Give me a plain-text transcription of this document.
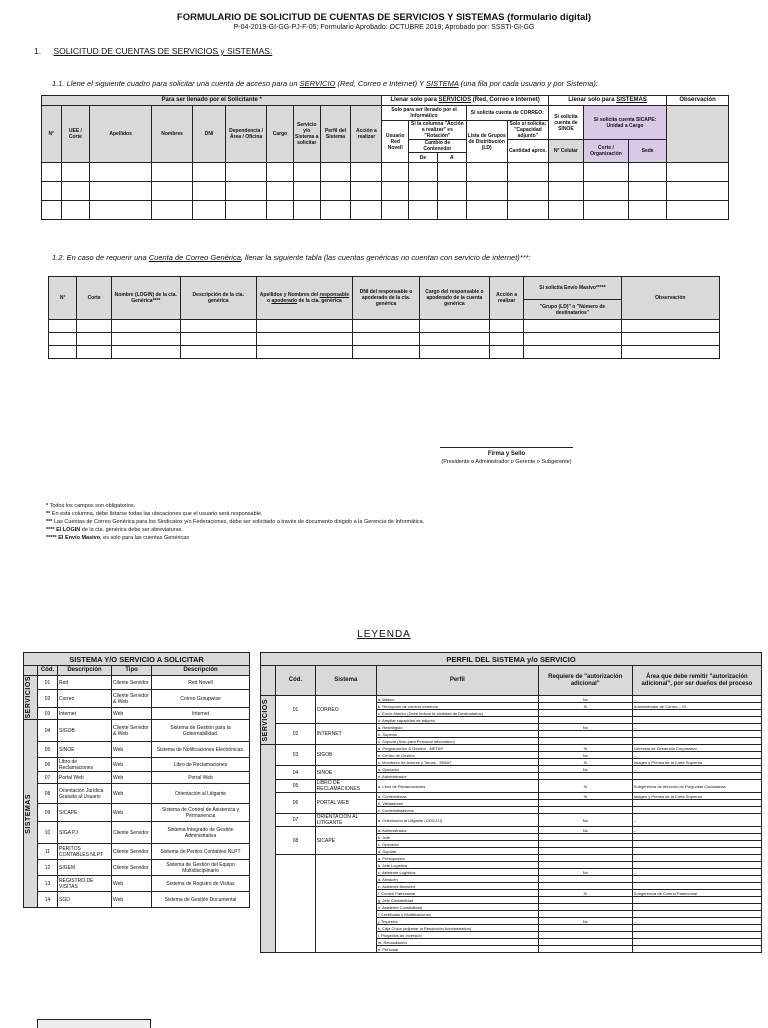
FORMULARIO DE SOLICITUD DE CUENTAS DE SERVICIOS Y SISTEMAS (formulario digital)
P-04-2019-GI-GG-PJ-F-05; Formulario Aprobado: OCTUBRE 2019; Aprobado por: SSSTI-GI-GG
1. SOLICITUD DE CUENTAS DE SERVICIOS y SISTEMAS:
1.1. Llene el siguiente cuadro para solicitar una cuenta de acceso para un SERVICIO (Red, Correo e Internet) Y SISTEMA (una fila por cada usuario y por Sistema):
Para ser llenado por el Solicitante *										Llenar solo para SERVICIOS (Red, Correo e Internet)					Llenar solo para SISTEMAS			Observación
N°	UEE / Corte	Apellidos	Nombres	DNI	Dependencia / Área / Oficina	Cargo	Servicio y/o Sistema a solicitar	Perfil del Sistema	Acción a realizar	Solo para ser llenado por el Informático			Si solicita cuenta de CORREO:		Si solicita cuenta de SINOE	Si solicita cuenta SICAPE: Unidad a Cargo		
										Usuario Red Novell	Si la columna "Acción a realizar" es "Rotación"		Lista de Grupos de Distribución (LD)	Solo si solicita: "Capacidad adjunto"				
											Cambio de Contenedor			Cantidad aprox.	N° Celular	Corte / Organización	Sede	
											De	A						

1.2. En caso de requerir una Cuenta de Correo Genérica, llenar la siguiente tabla (las cuentas genéricas no cuentan con servicio de internet)***:
N°	Corte	Nombre (LOGIN) de la cta. Genérica****	Descripción de la cta. genérica	Apellidos y Nombres del responsable o apoderado de la cta. genérica	DNI del responsable o apoderado de la cta. genérica	Cargo del responsable o apoderado de la cuenta genérica	Acción a realizar	Si solicita Envío Masivo*****	Observación
								"Grupo (LD)" o "Número de destinatarios"	

Firma y Sello
(Presidente o Administrador o Gerente o Subgerente)
* Todos los campos son obligatorios.
** En esta columna, debe listarse todas las ubicaciones que el usuario será responsable.
*** Las Cuentas de Correo Genérica para los Sindicatos y/o Federaciones, debe ser solicitado a través de documento dirigido a la Gerencia de Informática.
**** El LOGIN de la cta. genérica debe ser abreviaturas.
***** El Envío Masivo, es solo para las cuentas Genéricas
LEYENDA
SISTEMA Y/O SERVICIO A SOLICITAR				
	Cód.	Descripción	Tipo	Descripción

SERVICIOS	01	Red	Cliente Servidor	Red Novell
	02	Correo	Cliente Servidor & Web	Correo Groupwise
	03	Internet	Web	Internet

SISTEMAS	04	SIGOB	Cliente Servidor & Web	Sistema de Gestión para la Gobernabilidad.
	05	SINOE	Web	Sistema de Notificaciones Electrónicas.
	06	Libro de Reclamaciones	Web	Libro de Reclamaciones
	07	Portal Web	Web	Portal Web
	08	Orientación Jurídica Gratuita al Usuario	Web	Orientación al Litigante
	09	SICAPE	Web	Sistema de Control de Asistencia y Permanencia
	10	SIGA PJ	Cliente Servidor	Sistema Integrado de Gestión Administrativa
	11	PERITOS CONTABLES NLPT	Cliente Servidor	Sistema de Peritos Contables NLPT
	12	SIGEM	Cliente Servidor	Sistema de Gestión del Equipo Multidisciplinario
	13	REGISTRO DE VISITAS	Web	Sistema de Registro de Visitas
	14	SGD	Web	Sistema de Gestión Documental
PERFIL DEL SISTEMA y/o SERVICIO					
	Cód.	Sistema	Perfil	Requiere de "autorización adicional"	Área que debe remitir "autorización adicional", por ser dueños del proceso

SERVICIOS	01	CORREO	a. Básico	No	--
			b. Recepción de correos externos	Si	Administrador de Correo – GI
			c. Envío Masivo (Debe indicar la cantidad de Destinatarios)		
			d. Ampliar capacidad de adjunto		
	02	INTERNET	a. Restringido	No	--
			b. Superior		
			c. Soporte (Sólo para Personal Informático)		
	03	SIGOB	a. Programación & Gestión - METAS	Si	Gerencia de Desarrollo Corporativo
			b. Centro de Gestión	No	--
			c. Monitoreo de Actores y Temas - SIMAT	Si	Imagen y Prensa de la Corte Suprema
	04	SINOE	a. Operador	No	--
			b. Administrador		
	05	LIBRO DE RECLAMACIONES	a. Libro de Reclamaciones	Si	Subgerencia de Atención de Preguntas Ciudadanas
	06	PORTAL WEB	a. Contenidistas	Si	Imagen y Prensa de la Corte Suprema
			b. Validadores		
			c. Contenidistasvers		
	07	ORIENTACIÓN AL LITIGANTE	a. Orientación al Litigante (OOGJ U)	No	--
	08	SICAPE	a. Administrador	No	--
			b. Jefe		
			c. Operador		
			d. Soporte		
			a. Presupuesto		
			b. Jefe Logística		
			c. Asistente Logística	No	--
			d. Almacén		
			e. Asistente Almacén		
			f. Control Patrimonial	Si	Subgerencia de Control Patrimonial
			g. Jefe Contabilidad		
			h. Asistente Contabilidad		
			i. Certificado y Modificaciones		
			j. Tesorería	No	--
			k. Caja Chica (adjuntar la Resolución Administrativa)		
			l. Proyectos de Inversión		
			m. Recaudación		
			n. Personal		
